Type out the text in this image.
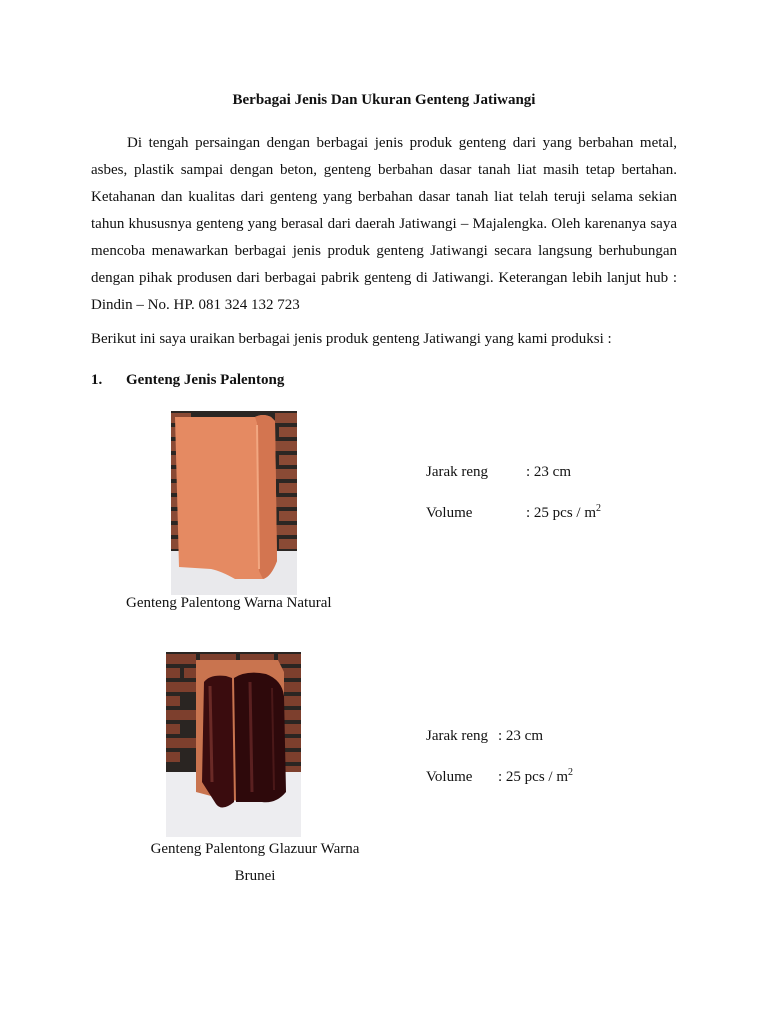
Berbagai Jenis Dan Ukuran Genteng Jatiwangi

Di tengah persaingan dengan berbagai jenis produk genteng dari yang berbahan metal, asbes, plastik sampai dengan beton, genteng berbahan dasar tanah liat masih tetap bertahan. Ketahanan dan kualitas dari genteng yang berbahan dasar tanah liat telah teruji selama sekian tahun khususnya genteng yang berasal dari daerah Jatiwangi – Majalengka. Oleh karenanya saya mencoba menawarkan berbagai jenis produk genteng Jatiwangi secara langsung berhubungan dengan pihak produsen dari berbagai pabrik genteng di Jatiwangi. Keterangan lebih lanjut hub : Dindin – No. HP. 081 324 132 723

Berikut ini saya uraikan berbagai jenis produk genteng Jatiwangi yang kami produksi :

1. Genteng Jenis Palentong
Genteng Palentong Warna Natural
Jarak reng	: 23 cm
Volume	: 25 pcs / $m^2$
Genteng Palentong Glazuur Warna
Brunei
Jarak reng : 23 cm
Volume : 25 pcs / $m^2$
